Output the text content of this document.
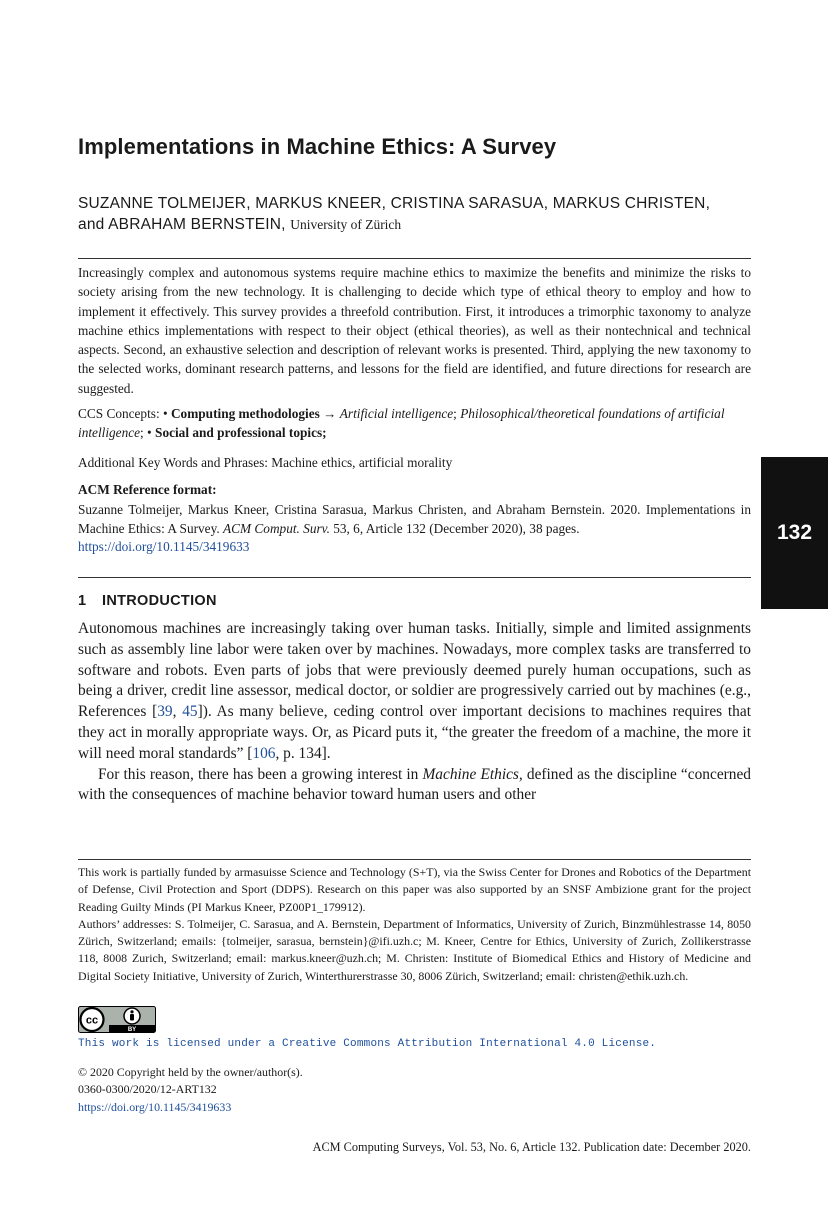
Implementations in Machine Ethics: A Survey
SUZANNE TOLMEIJER, MARKUS KNEER, CRISTINA SARASUA, MARKUS CHRISTEN,
and ABRAHAM BERNSTEIN, University of Zürich
Increasingly complex and autonomous systems require machine ethics to maximize the benefits and minimize the risks to society arising from the new technology. It is challenging to decide which type of ethical theory to employ and how to implement it effectively. This survey provides a threefold contribution. First, it introduces a trimorphic taxonomy to analyze machine ethics implementations with respect to their object (ethical theories), as well as their nontechnical and technical aspects. Second, an exhaustive selection and description of relevant works is presented. Third, applying the new taxonomy to the selected works, dominant research patterns, and lessons for the field are identified, and future directions for research are suggested.
CCS Concepts: • Computing methodologies → Artificial intelligence; Philosophical/theoretical foundations of artificial intelligence; • Social and professional topics;
Additional Key Words and Phrases: Machine ethics, artificial morality
ACM Reference format:
Suzanne Tolmeijer, Markus Kneer, Cristina Sarasua, Markus Christen, and Abraham Bernstein. 2020. Implementations in Machine Ethics: A Survey. ACM Comput. Surv. 53, 6, Article 132 (December 2020), 38 pages.
https://doi.org/10.1145/3419633
1 INTRODUCTION

Autonomous machines are increasingly taking over human tasks. Initially, simple and limited assignments such as assembly line labor were taken over by machines. Nowadays, more complex tasks are transferred to software and robots. Even parts of jobs that were previously deemed purely human occupations, such as being a driver, credit line assessor, medical doctor, or soldier are progressively carried out by machines (e.g., References [39, 45]). As many believe, ceding control over important decisions to machines requires that they act in morally appropriate ways. Or, as Picard puts it, “the greater the freedom of a machine, the more it will need moral standards” [106, p. 134].

For this reason, there has been a growing interest in Machine Ethics, defined as the discipline “concerned with the consequences of machine behavior toward human users and other

This work is partially funded by armasuisse Science and Technology (S+T), via the Swiss Center for Drones and Robotics of the Department of Defense, Civil Protection and Sport (DDPS). Research on this paper was also supported by an SNSF Ambizione grant for the project Reading Guilty Minds (PI Markus Kneer, PZ00P1_179912).

Authors’ addresses: S. Tolmeijer, C. Sarasua, and A. Bernstein, Department of Informatics, University of Zurich, Binzmühlestrasse 14, 8050 Zürich, Switzerland; emails: {tolmeijer, sarasua, bernstein}@ifi.uzh.c; M. Kneer, Centre for Ethics, University of Zurich, Zollikerstrasse 118, 8008 Zurich, Switzerland; email: markus.kneer@uzh.ch; M. Christen: Institute of Biomedical Ethics and History of Medicine and Digital Society Initiative, University of Zurich, Winterthurerstrasse 30, 8006 Zürich, Switzerland; email: christen@ethik.uzh.ch.

cc
BY
This work is licensed under a Creative Commons Attribution International 4.0 License.
© 2020 Copyright held by the owner/author(s).
0360-0300/2020/12-ART132
https://doi.org/10.1145/3419633
ACM Computing Surveys, Vol. 53, No. 6, Article 132. Publication date: December 2020.
132
